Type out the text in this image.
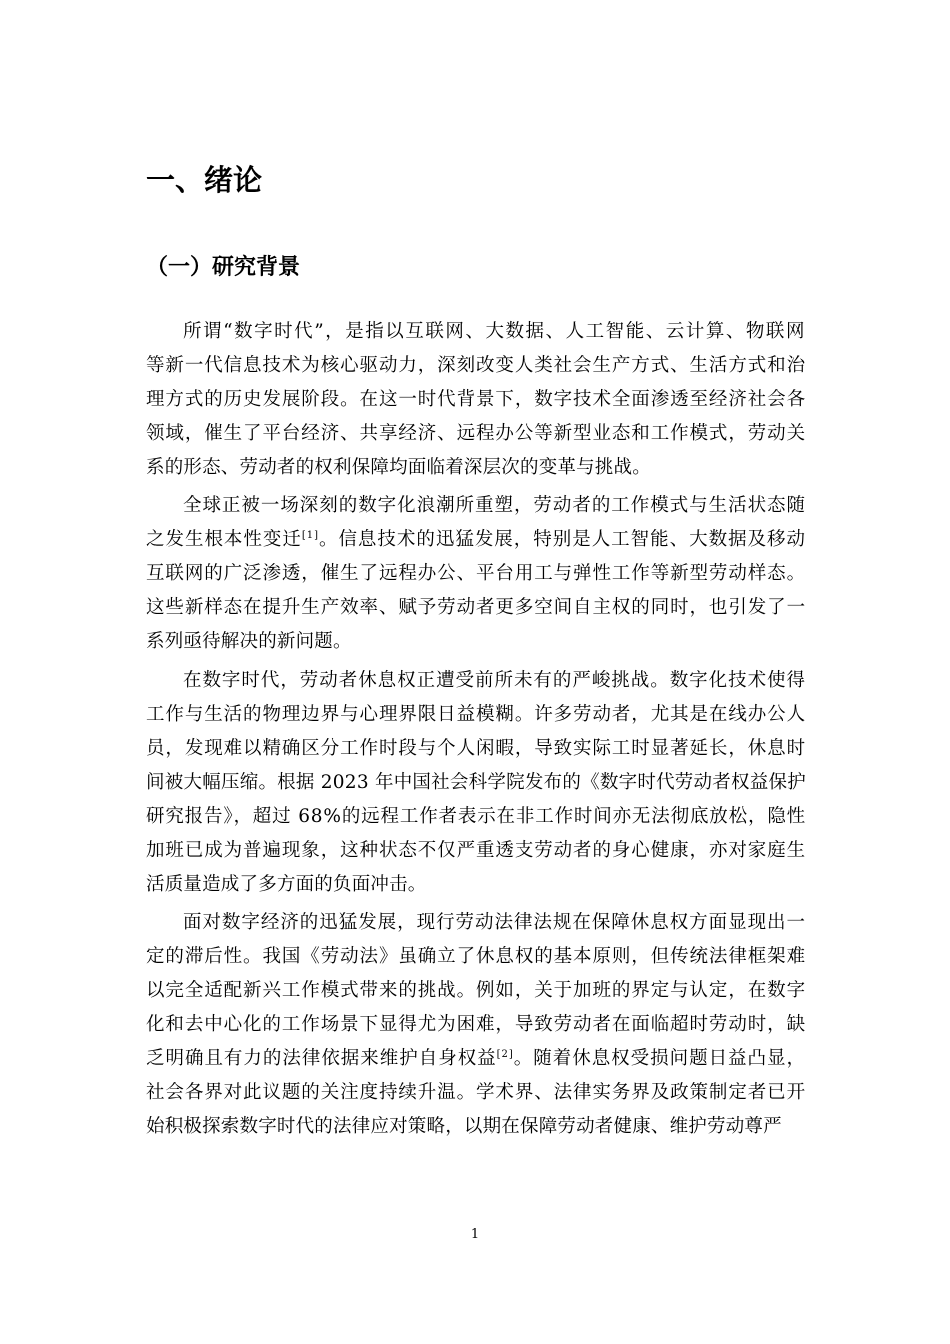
一、绪论
（一）研究背景
所谓“数字时代”，是指以互联网、大数据、人工智能、云计算、物联网
等新一代信息技术为核心驱动力，深刻改变人类社会生产方式、生活方式和治
理方式的历史发展阶段。在这一时代背景下，数字技术全面渗透至经济社会各
领域，催生了平台经济、共享经济、远程办公等新型业态和工作模式，劳动关
系的形态、劳动者的权利保障均面临着深层次的变革与挑战。
全球正被一场深刻的数字化浪潮所重塑，劳动者的工作模式与生活状态随
之发生根本性变迁[1]。信息技术的迅猛发展，特别是人工智能、大数据及移动
互联网的广泛渗透，催生了远程办公、平台用工与弹性工作等新型劳动样态。
这些新样态在提升生产效率、赋予劳动者更多空间自主权的同时，也引发了一
系列亟待解决的新问题。
在数字时代，劳动者休息权正遭受前所未有的严峻挑战。数字化技术使得
工作与生活的物理边界与心理界限日益模糊。许多劳动者，尤其是在线办公人
员，发现难以精确区分工作时段与个人闲暇，导致实际工时显著延长，休息时
间被大幅压缩。根据 2023 年中国社会科学院发布的《数字时代劳动者权益保护
研究报告》，超过 68%的远程工作者表示在非工作时间亦无法彻底放松，隐性
加班已成为普遍现象，这种状态不仅严重透支劳动者的身心健康，亦对家庭生
活质量造成了多方面的负面冲击。
面对数字经济的迅猛发展，现行劳动法律法规在保障休息权方面显现出一
定的滞后性。我国《劳动法》虽确立了休息权的基本原则，但传统法律框架难
以完全适配新兴工作模式带来的挑战。例如，关于加班的界定与认定，在数字
化和去中心化的工作场景下显得尤为困难，导致劳动者在面临超时劳动时，缺
乏明确且有力的法律依据来维护自身权益[2]。随着休息权受损问题日益凸显，
社会各界对此议题的关注度持续升温。学术界、法律实务界及政策制定者已开
始积极探索数字时代的法律应对策略，以期在保障劳动者健康、维护劳动尊严
1
